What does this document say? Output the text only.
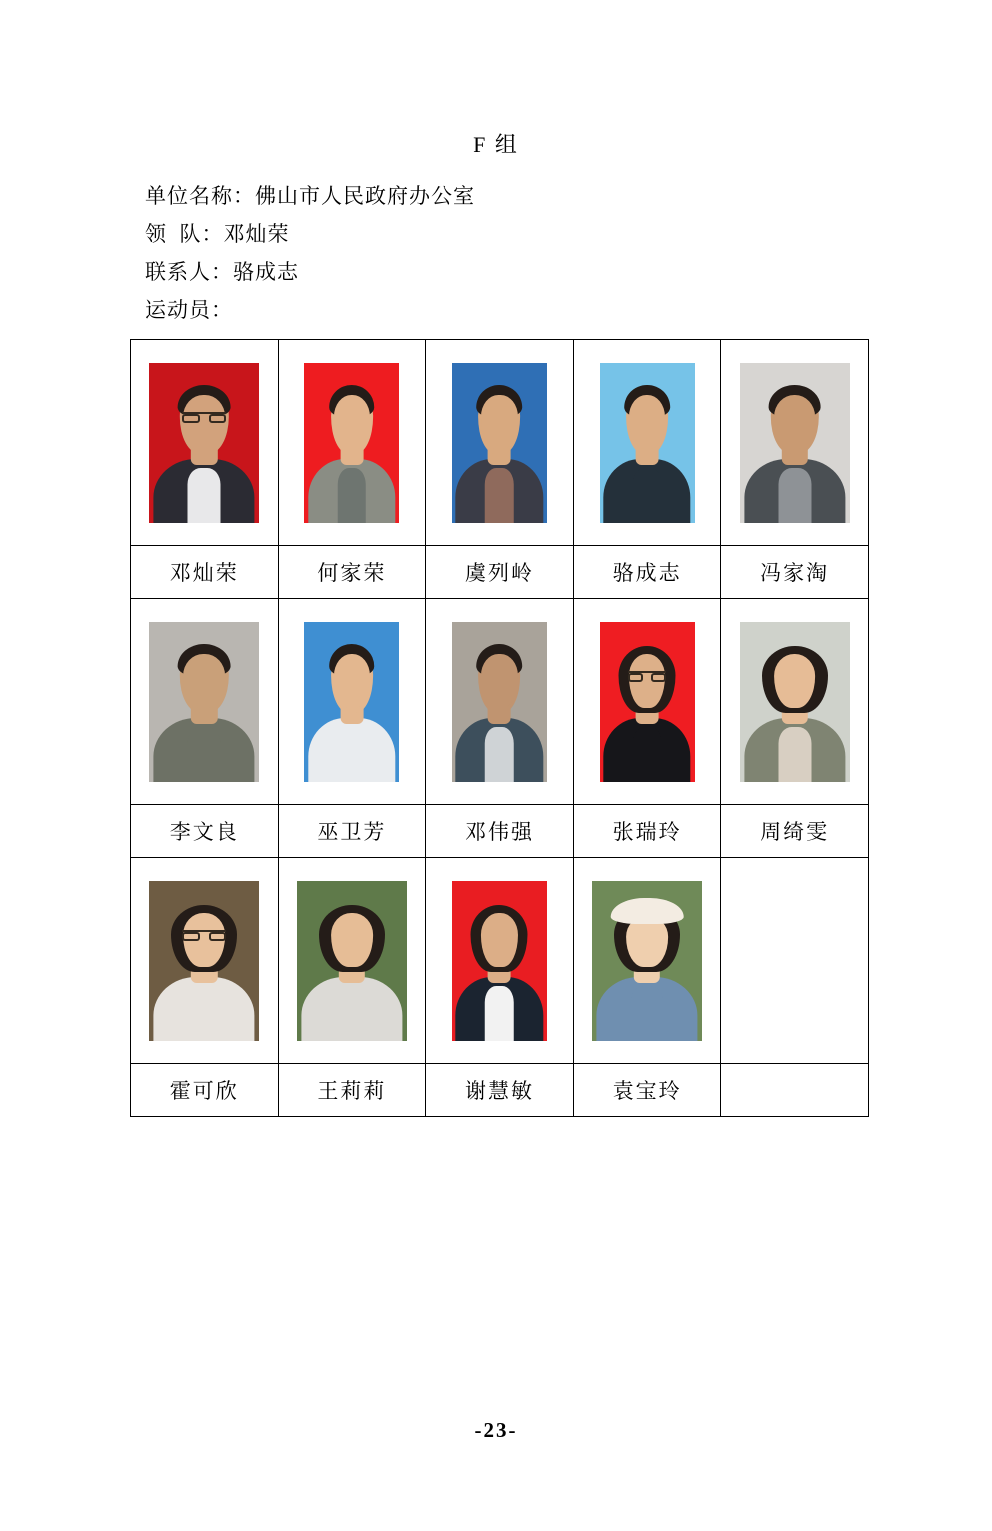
F 组
单位名称：佛山市人民政府办公室
领  队：邓灿荣
联系人：骆成志
运动员：

邓灿荣	何家荣	虞列岭	骆成志	冯家淘

李文良	巫卫芳	邓伟强	张瑞玲	周绮雯

霍可欣	王莉莉	谢慧敏	袁宝玲	
-23-
